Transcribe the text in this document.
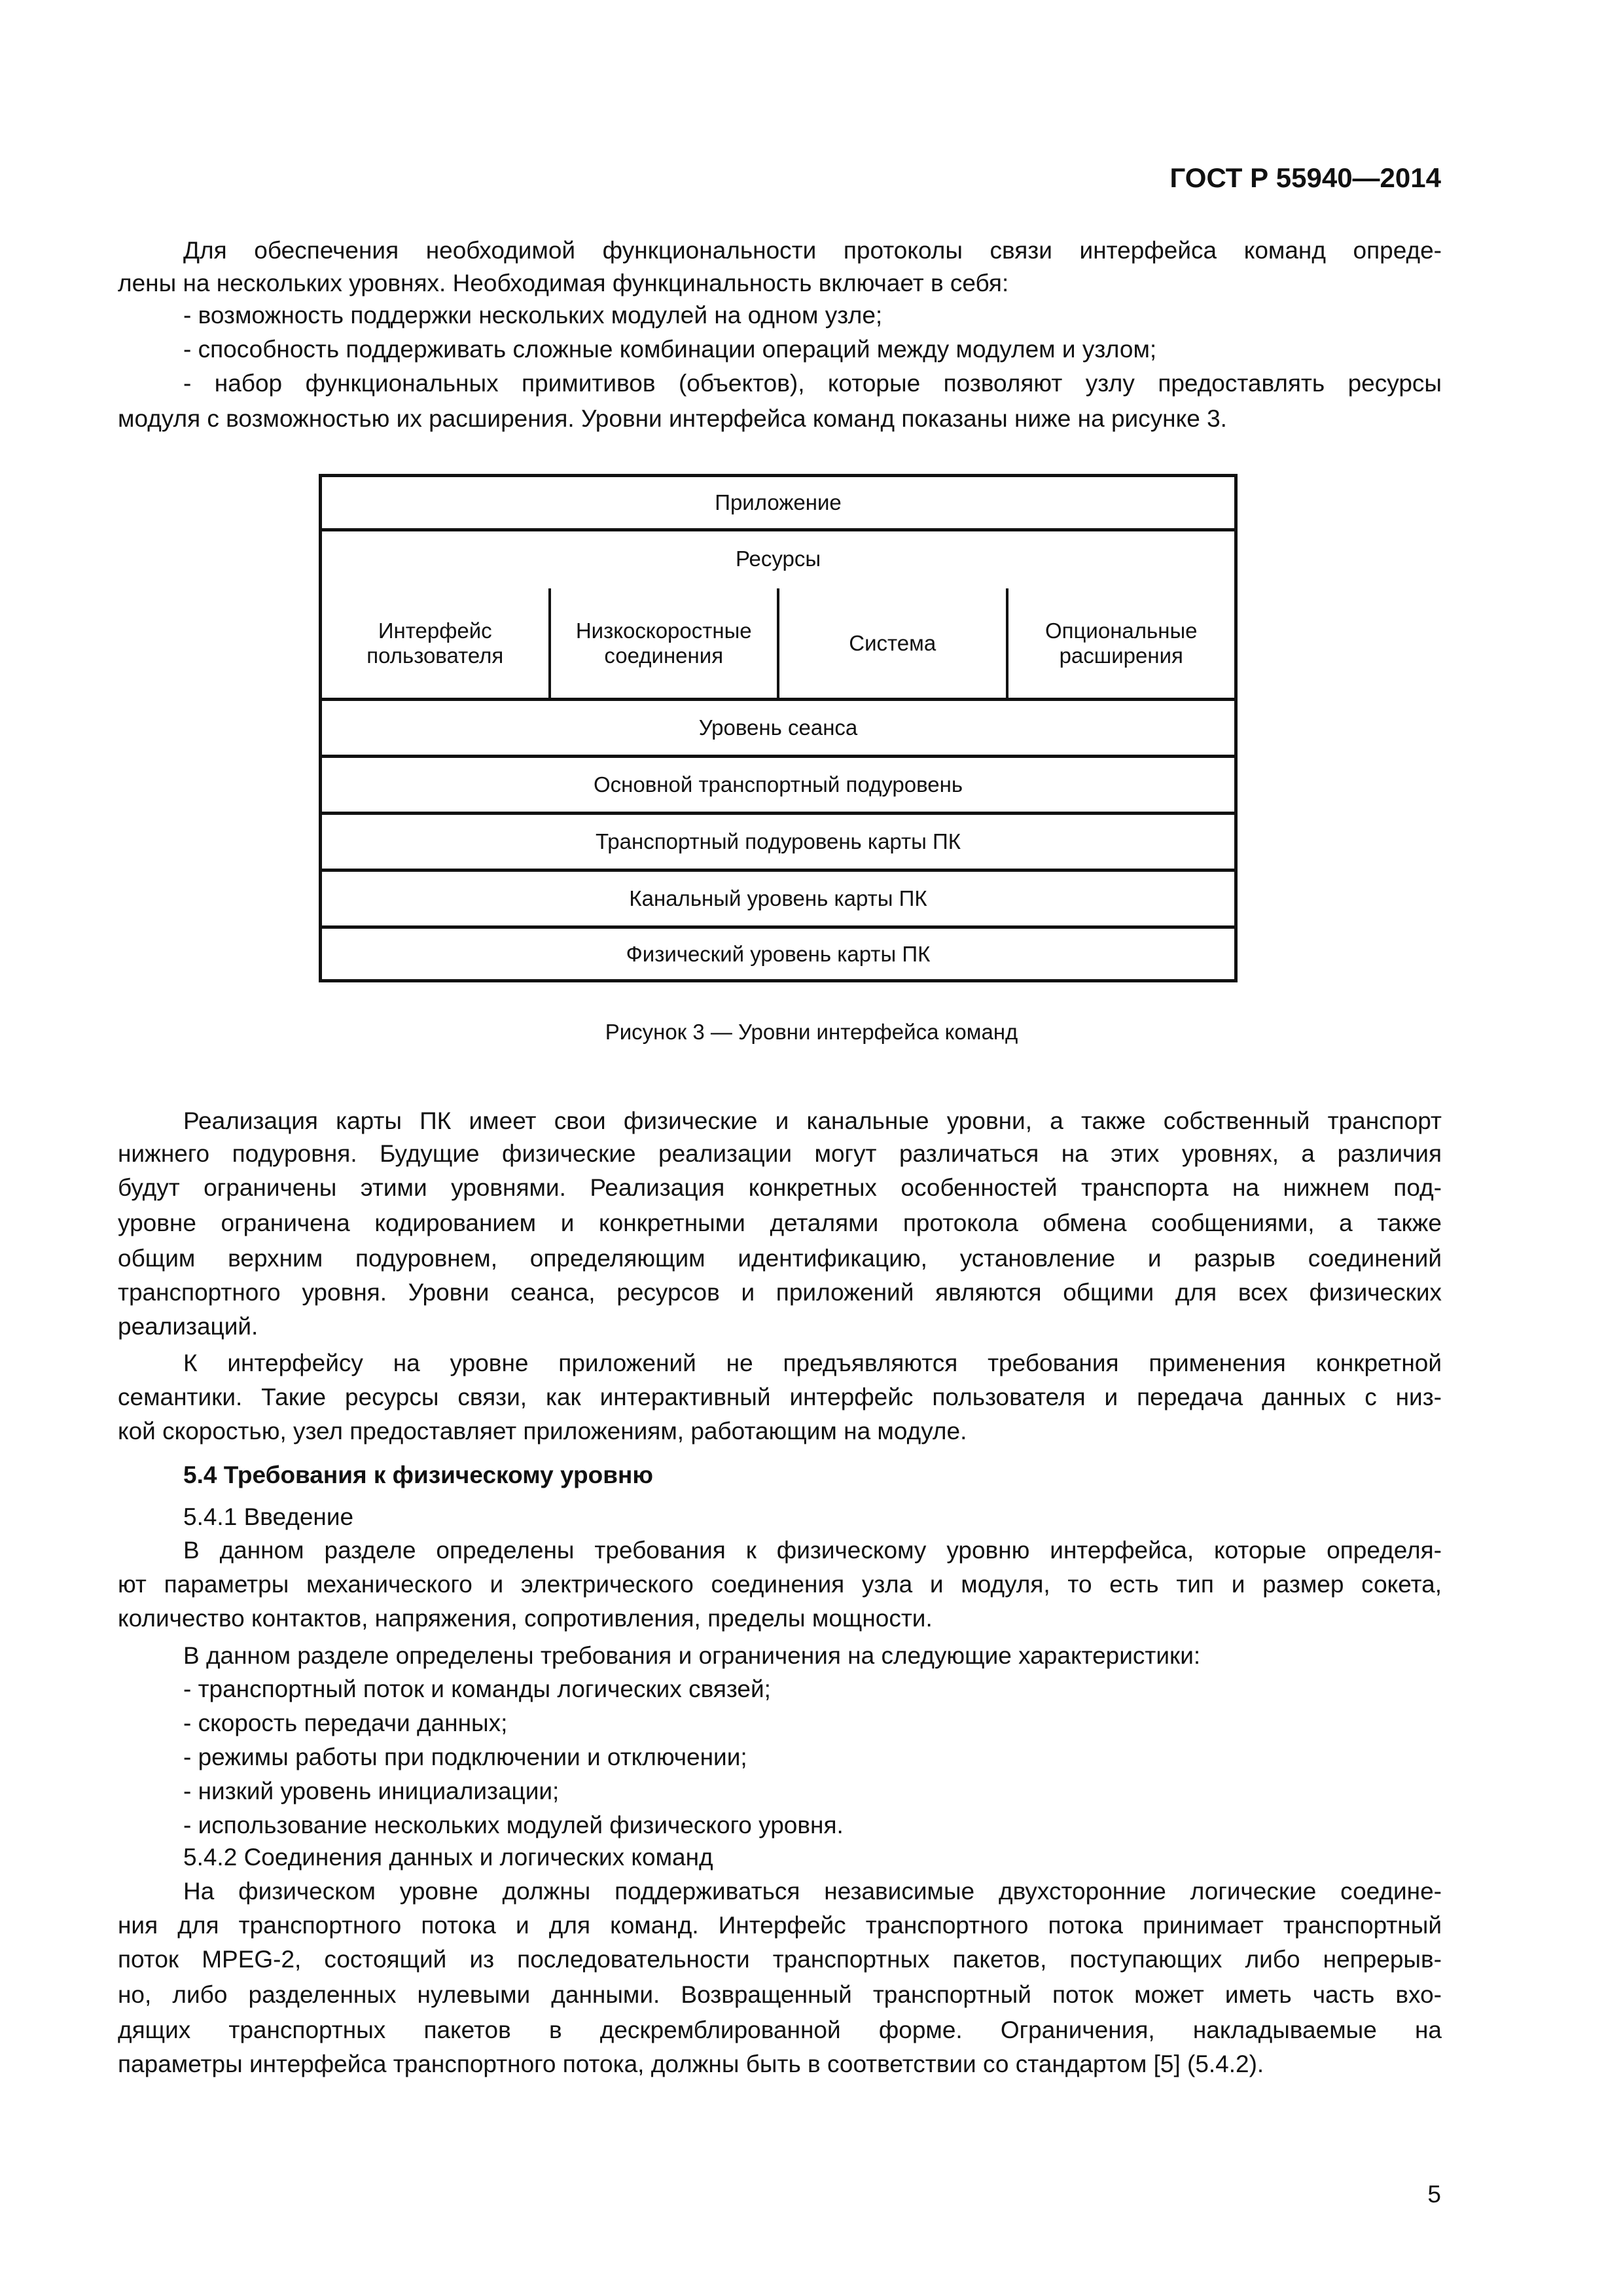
ГОСТ Р 55940—2014
Для обеспечения необходимой функциональности протоколы связи интерфейса команд опреде-
лены на нескольких уровнях. Необходимая функцинальность включает в себя:
- возможность поддержки нескольких модулей на одном узле;
- способность поддерживать сложные комбинации операций между модулем и узлом;
- набор функциональных примитивов (объектов), которые позволяют узлу предоставлять ресурсы
модуля с возможностью их расширения. Уровни интерфейса команд показаны ниже на рисунке 3.
Реализация карты ПК имеет свои физические и канальные уровни, а также собственный транспорт
нижнего подуровня. Будущие физические реализации могут различаться на этих уровнях, а различия
будут ограничены этими уровнями. Реализация конкретных особенностей транспорта на нижнем под-
уровне ограничена кодированием и конкретными деталями протокола обмена сообщениями, а также
общим верхним подуровнем, определяющим идентификацию, установление и разрыв соединений
транспортного уровня. Уровни сеанса, ресурсов и приложений являются общими для всех физических
реализаций.
К интерфейсу на уровне приложений не предъявляются требования применения конкретной
семантики. Такие ресурсы связи, как интерактивный интерфейс пользователя и передача данных с низ-
кой скоростью, узел предоставляет приложениям, работающим на модуле.
5.4 Требования к физическому уровню
5.4.1 Введение
В данном разделе определены требования к физическому уровню интерфейса, которые определя-
ют параметры механического и электрического соединения узла и модуля, то есть тип и размер сокета,
количество контактов, напряжения, сопротивления, пределы мощности.
В данном разделе определены требования и ограничения на следующие характеристики:
- транспортный поток и команды логических связей;
- скорость передачи данных;
- режимы работы при подключении и отключении;
- низкий уровень инициализации;
- использование нескольких модулей физического уровня.
5.4.2 Соединения данных и логических команд
На физическом уровне должны поддерживаться независимые двухсторонние логические соедине-
ния для транспортного потока и для команд. Интерфейс транспортного потока принимает транспортный
поток MPEG-2, состоящий из последовательности транспортных пакетов, поступающих либо непрерыв-
но, либо разделенных нулевыми данными. Возвращенный транспортный поток может иметь часть вхо-
дящих транспортных пакетов в дескремблированной форме. Ограничения, накладываемые на
параметры интерфейса транспортного потока, должны быть в соответствии со стандартом [5] (5.4.2).
Приложение
Ресурсы
Интерфейс пользователя
Низкоскоростные соединения
Система
Опциональные расширения
Уровень сеанса
Основной транспортный подуровень
Транспортный подуровень карты ПК
Канальный уровень карты ПК
Физический уровень карты ПК
Рисунок 3 — Уровни интерфейса команд
5
